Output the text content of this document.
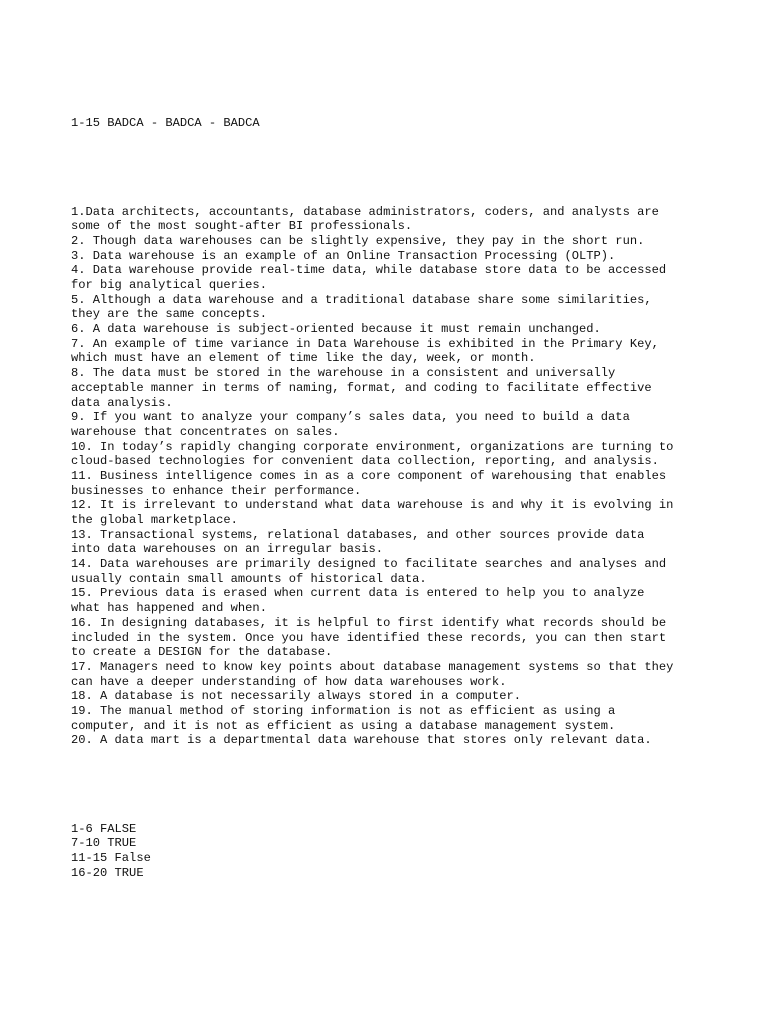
1-15 BADCA - BADCA - BADCA

1.Data architects, accountants, database administrators, coders, and analysts are
some of the most sought-after BI professionals.
2. Though data warehouses can be slightly expensive, they pay in the short run.
3. Data warehouse is an example of an Online Transaction Processing (OLTP).
4. Data warehouse provide real-time data, while database store data to be accessed
for big analytical queries.
5. Although a data warehouse and a traditional database share some similarities,
they are the same concepts.
6. A data warehouse is subject-oriented because it must remain unchanged.
7. An example of time variance in Data Warehouse is exhibited in the Primary Key,
which must have an element of time like the day, week, or month.
8. The data must be stored in the warehouse in a consistent and universally
acceptable manner in terms of naming, format, and coding to facilitate effective
data analysis.
9. If you want to analyze your company’s sales data, you need to build a data
warehouse that concentrates on sales.
10. In today’s rapidly changing corporate environment, organizations are turning to
cloud-based technologies for convenient data collection, reporting, and analysis.
11. Business intelligence comes in as a core component of warehousing that enables
businesses to enhance their performance.
12. It is irrelevant to understand what data warehouse is and why it is evolving in
the global marketplace.
13. Transactional systems, relational databases, and other sources provide data
into data warehouses on an irregular basis.
14. Data warehouses are primarily designed to facilitate searches and analyses and
usually contain small amounts of historical data.
15. Previous data is erased when current data is entered to help you to analyze
what has happened and when.
16. In designing databases, it is helpful to first identify what records should be
included in the system. Once you have identified these records, you can then start
to create a DESIGN for the database.
17. Managers need to know key points about database management systems so that they
can have a deeper understanding of how data warehouses work.
18. A database is not necessarily always stored in a computer.
19. The manual method of storing information is not as efficient as using a
computer, and it is not as efficient as using a database management system.
20. A data mart is a departmental data warehouse that stores only relevant data.

1-6 FALSE
7-10 TRUE
11-15 False
16-20 TRUE
